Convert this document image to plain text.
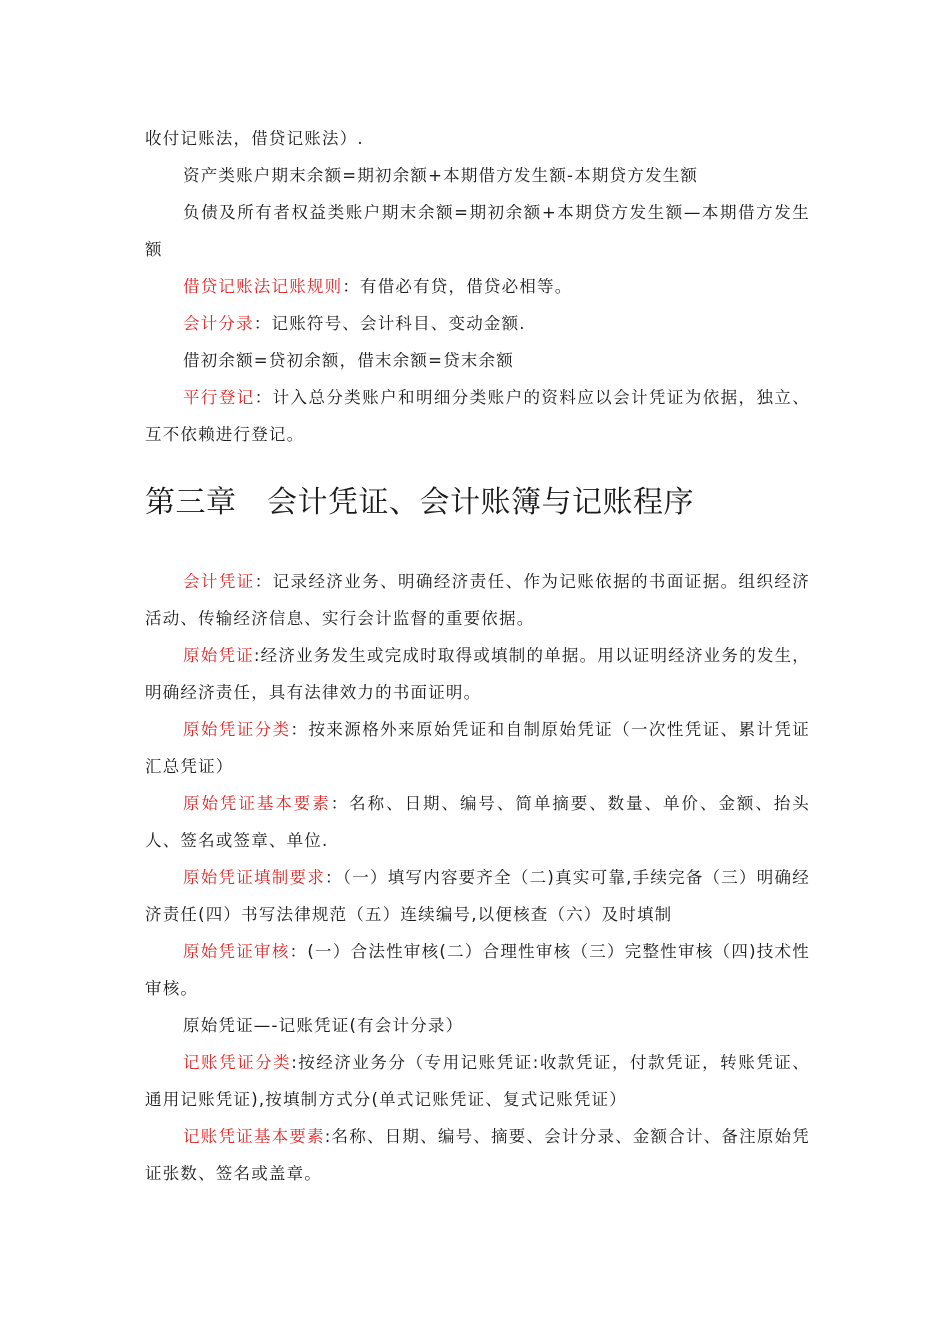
收付记账法，借贷记账法）.

资产类账户期末余额=期初余额+本期借方发生额-本期贷方发生额

负债及所有者权益类账户期末余额=期初余额+本期贷方发生额—本期借方发生额

借贷记账法记账规则：有借必有贷，借贷必相等。

会计分录：记账符号、会计科目、变动金额.

借初余额=贷初余额，借末余额=贷末余额

平行登记：计入总分类账户和明细分类账户的资料应以会计凭证为依据，独立、互不依赖进行登记。

第三章　会计凭证、会计账簿与记账程序

会计凭证：记录经济业务、明确经济责任、作为记账依据的书面证据。组织经济活动、传输经济信息、实行会计监督的重要依据。

原始凭证:经济业务发生或完成时取得或填制的单据。用以证明经济业务的发生，明确经济责任，具有法律效力的书面证明。

原始凭证分类：按来源格外来原始凭证和自制原始凭证（一次性凭证、累计凭证汇总凭证）

原始凭证基本要素：名称、日期、编号、简单摘要、数量、单价、金额、抬头人、签名或签章、单位.

原始凭证填制要求：（一）填写内容要齐全（二)真实可靠,手续完备（三）明确经济责任(四）书写法律规范（五）连续编号,以便核查（六）及时填制

原始凭证审核：(一）合法性审核(二）合理性审核（三）完整性审核（四)技术性审核。

原始凭证—-记账凭证(有会计分录）

记账凭证分类:按经济业务分（专用记账凭证:收款凭证，付款凭证，转账凭证、通用记账凭证),按填制方式分(单式记账凭证、复式记账凭证）

记账凭证基本要素:名称、日期、编号、摘要、会计分录、金额合计、备注原始凭证张数、签名或盖章。
